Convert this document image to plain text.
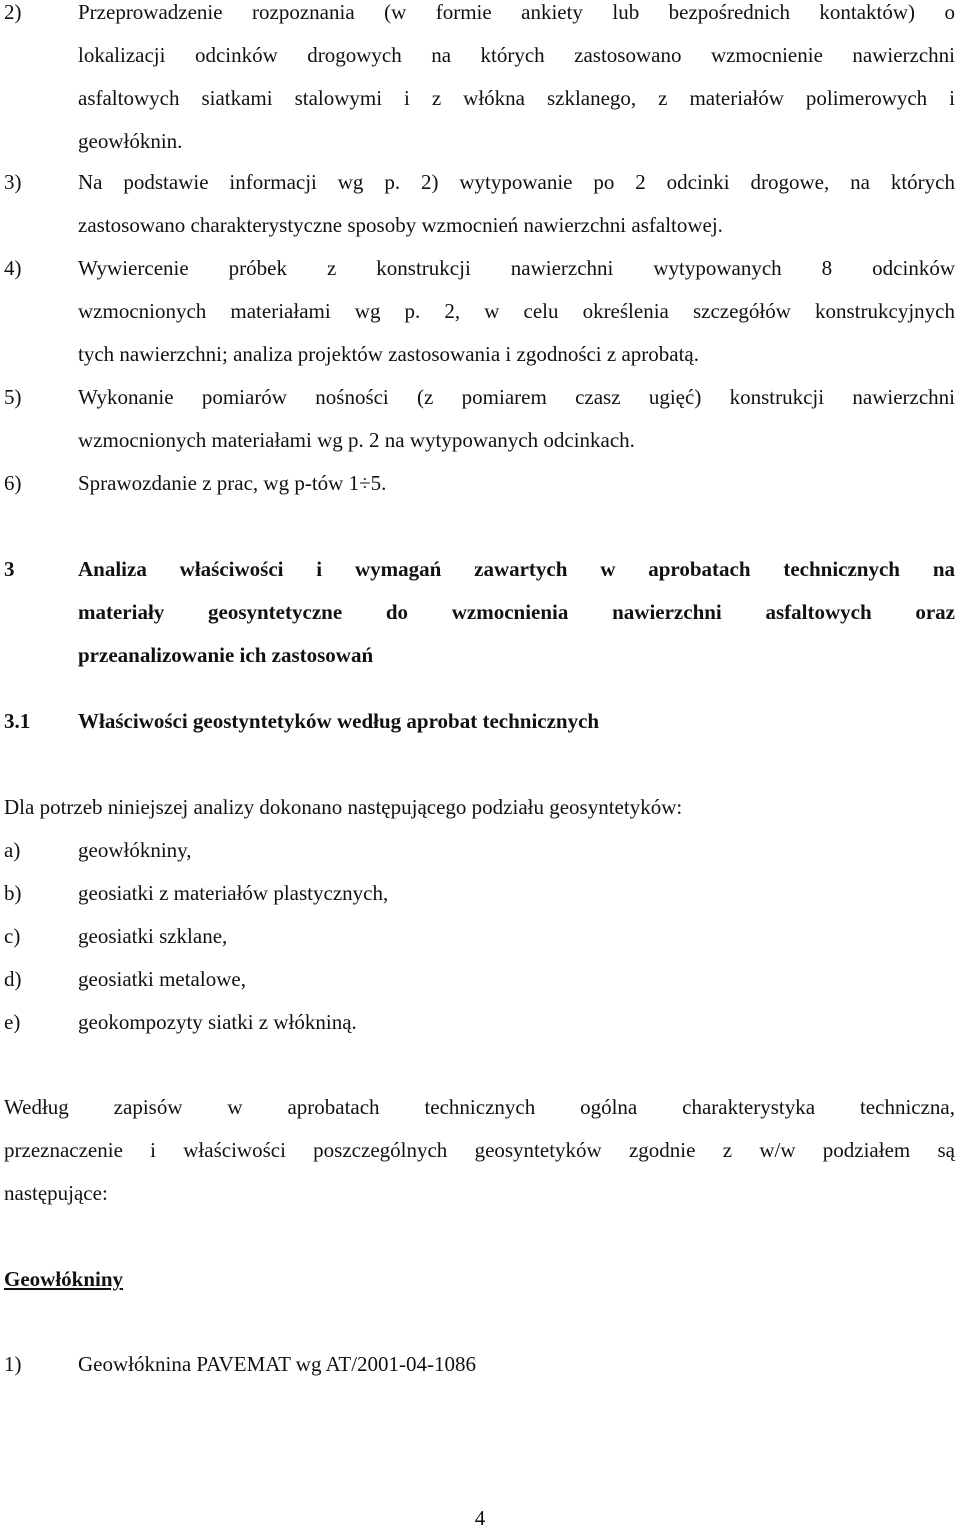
2)	Przeprowadzenie rozpoznania (w formie ankiety lub bezpośrednich kontaktów) o
lokalizacji odcinków drogowych na których zastosowano wzmocnienie nawierzchni
asfaltowych siatkami stalowymi i z włókna szklanego, z materiałów polimerowych i
geowłóknin.
3)	Na podstawie informacji wg p. 2) wytypowanie po 2 odcinki drogowe, na których
zastosowano charakterystyczne sposoby wzmocnień nawierzchni asfaltowej.
4)	Wywiercenie próbek z konstrukcji nawierzchni wytypowanych 8 odcinków
wzmocnionych materiałami wg p. 2, w celu określenia szczegółów konstrukcyjnych
tych nawierzchni; analiza projektów zastosowania i zgodności z aprobatą.
5)	Wykonanie pomiarów nośności (z pomiarem czasz ugięć) konstrukcji nawierzchni
wzmocnionych materiałami wg p. 2 na wytypowanych odcinkach.
6)	Sprawozdanie z prac, wg p-tów 1÷5.
3	Analiza właściwości i wymagań zawartych w aprobatach technicznych na
materiały geosyntetyczne do wzmocnienia nawierzchni asfaltowych oraz
przeanalizowanie ich zastosowań
3.1 Właściwości geostyntetyków według aprobat technicznych
Dla potrzeb niniejszej analizy dokonano następującego podziału geosyntetyków:
a)	geowłókniny,
b)	geosiatki z materiałów plastycznych,
c)	geosiatki szklane,
d)	geosiatki metalowe,
e)	geokompozyty siatki z włókniną.
Według zapisów w aprobatach technicznych ogólna charakterystyka techniczna,
przeznaczenie i właściwości poszczególnych geosyntetyków zgodnie z w/w podziałem są
następujące:
Geowłókniny
1)	Geowłóknina PAVEMAT wg AT/2001-04-1086
4
